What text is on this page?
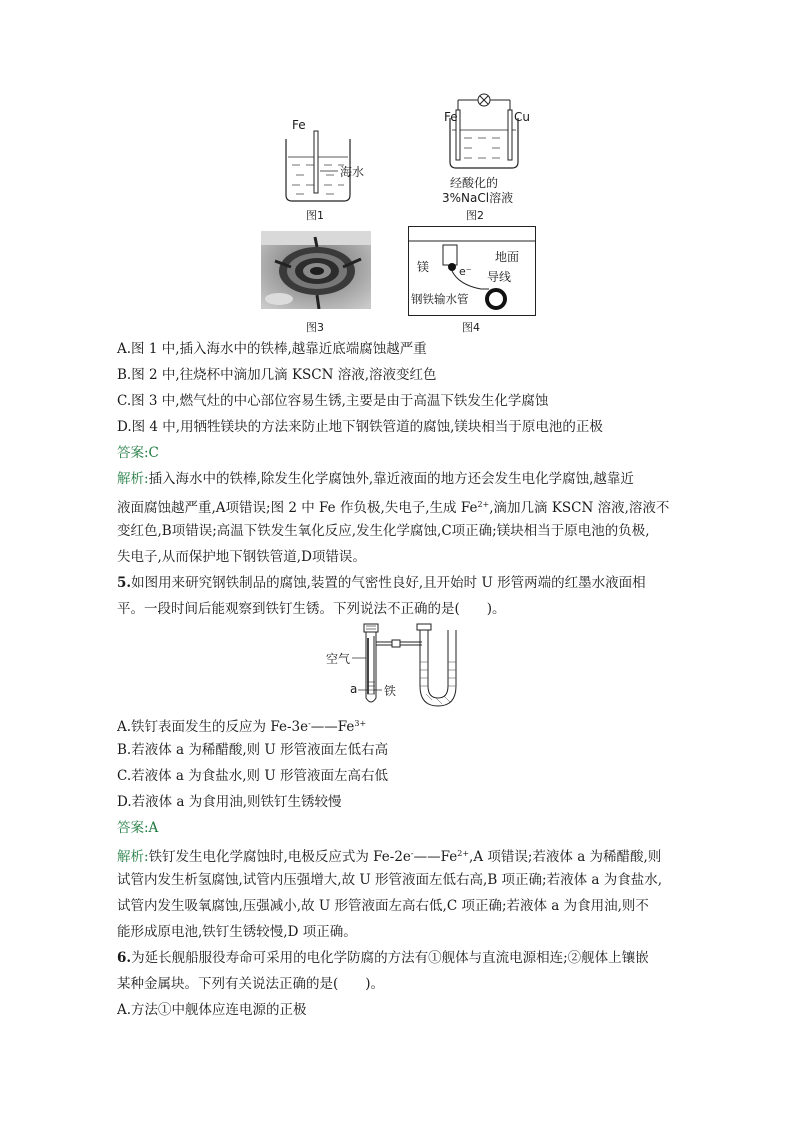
Fe
海水
图1
Fe	Cu
经酸化的
3%NaCl溶液
图2
图3
镁	e⁻
地面
导线
钢铁输水管
图4
A.图 1 中,插入海水中的铁棒,越靠近底端腐蚀越严重
B.图 2 中,往烧杯中滴加几滴 KSCN 溶液,溶液变红色
C.图 3 中,燃气灶的中心部位容易生锈,主要是由于高温下铁发生化学腐蚀
D.图 4 中,用牺牲镁块的方法来防止地下钢铁管道的腐蚀,镁块相当于原电池的正极
答案:C
解析:插入海水中的铁棒,除发生化学腐蚀外,靠近液面的地方还会发生电化学腐蚀,越靠近
液面腐蚀越严重,A项错误;图 2 中 Fe 作负极,失电子,生成 $Fe^{2+}$,滴加几滴 KSCN 溶液,溶液不
变红色,B项错误;高温下铁发生氧化反应,发生化学腐蚀,C项正确;镁块相当于原电池的负极,
失电子,从而保护地下钢铁管道,D项错误。
5.如图用来研究钢铁制品的腐蚀,装置的气密性良好,且开始时 U 形管两端的红墨水液面相
平。一段时间后能观察到铁钉生锈。下列说法不正确的是(　　)。
空气
a 铁
A.铁钉表面发生的反应为 $Fe-3e^-——Fe^{3+}$
B.若液体 a 为稀醋酸,则 U 形管液面左低右高
C.若液体 a 为食盐水,则 U 形管液面左高右低
D.若液体 a 为食用油,则铁钉生锈较慢
答案:A
解析:铁钉发生电化学腐蚀时,电极反应式为 $Fe-2e^-——Fe^{2+},A$ 项错误;若液体 a 为稀醋酸,则
试管内发生析氢腐蚀,试管内压强增大,故 U 形管液面左低右高,B 项正确;若液体 a 为食盐水,
试管内发生吸氧腐蚀,压强减小,故 U 形管液面左高右低,C 项正确;若液体 a 为食用油,则不
能形成原电池,铁钉生锈较慢,D 项正确。
6.为延长舰船服役寿命可采用的电化学防腐的方法有①舰体与直流电源相连;②舰体上镶嵌
某种金属块。下列有关说法正确的是(　　)。
A.方法①中舰体应连电源的正极
